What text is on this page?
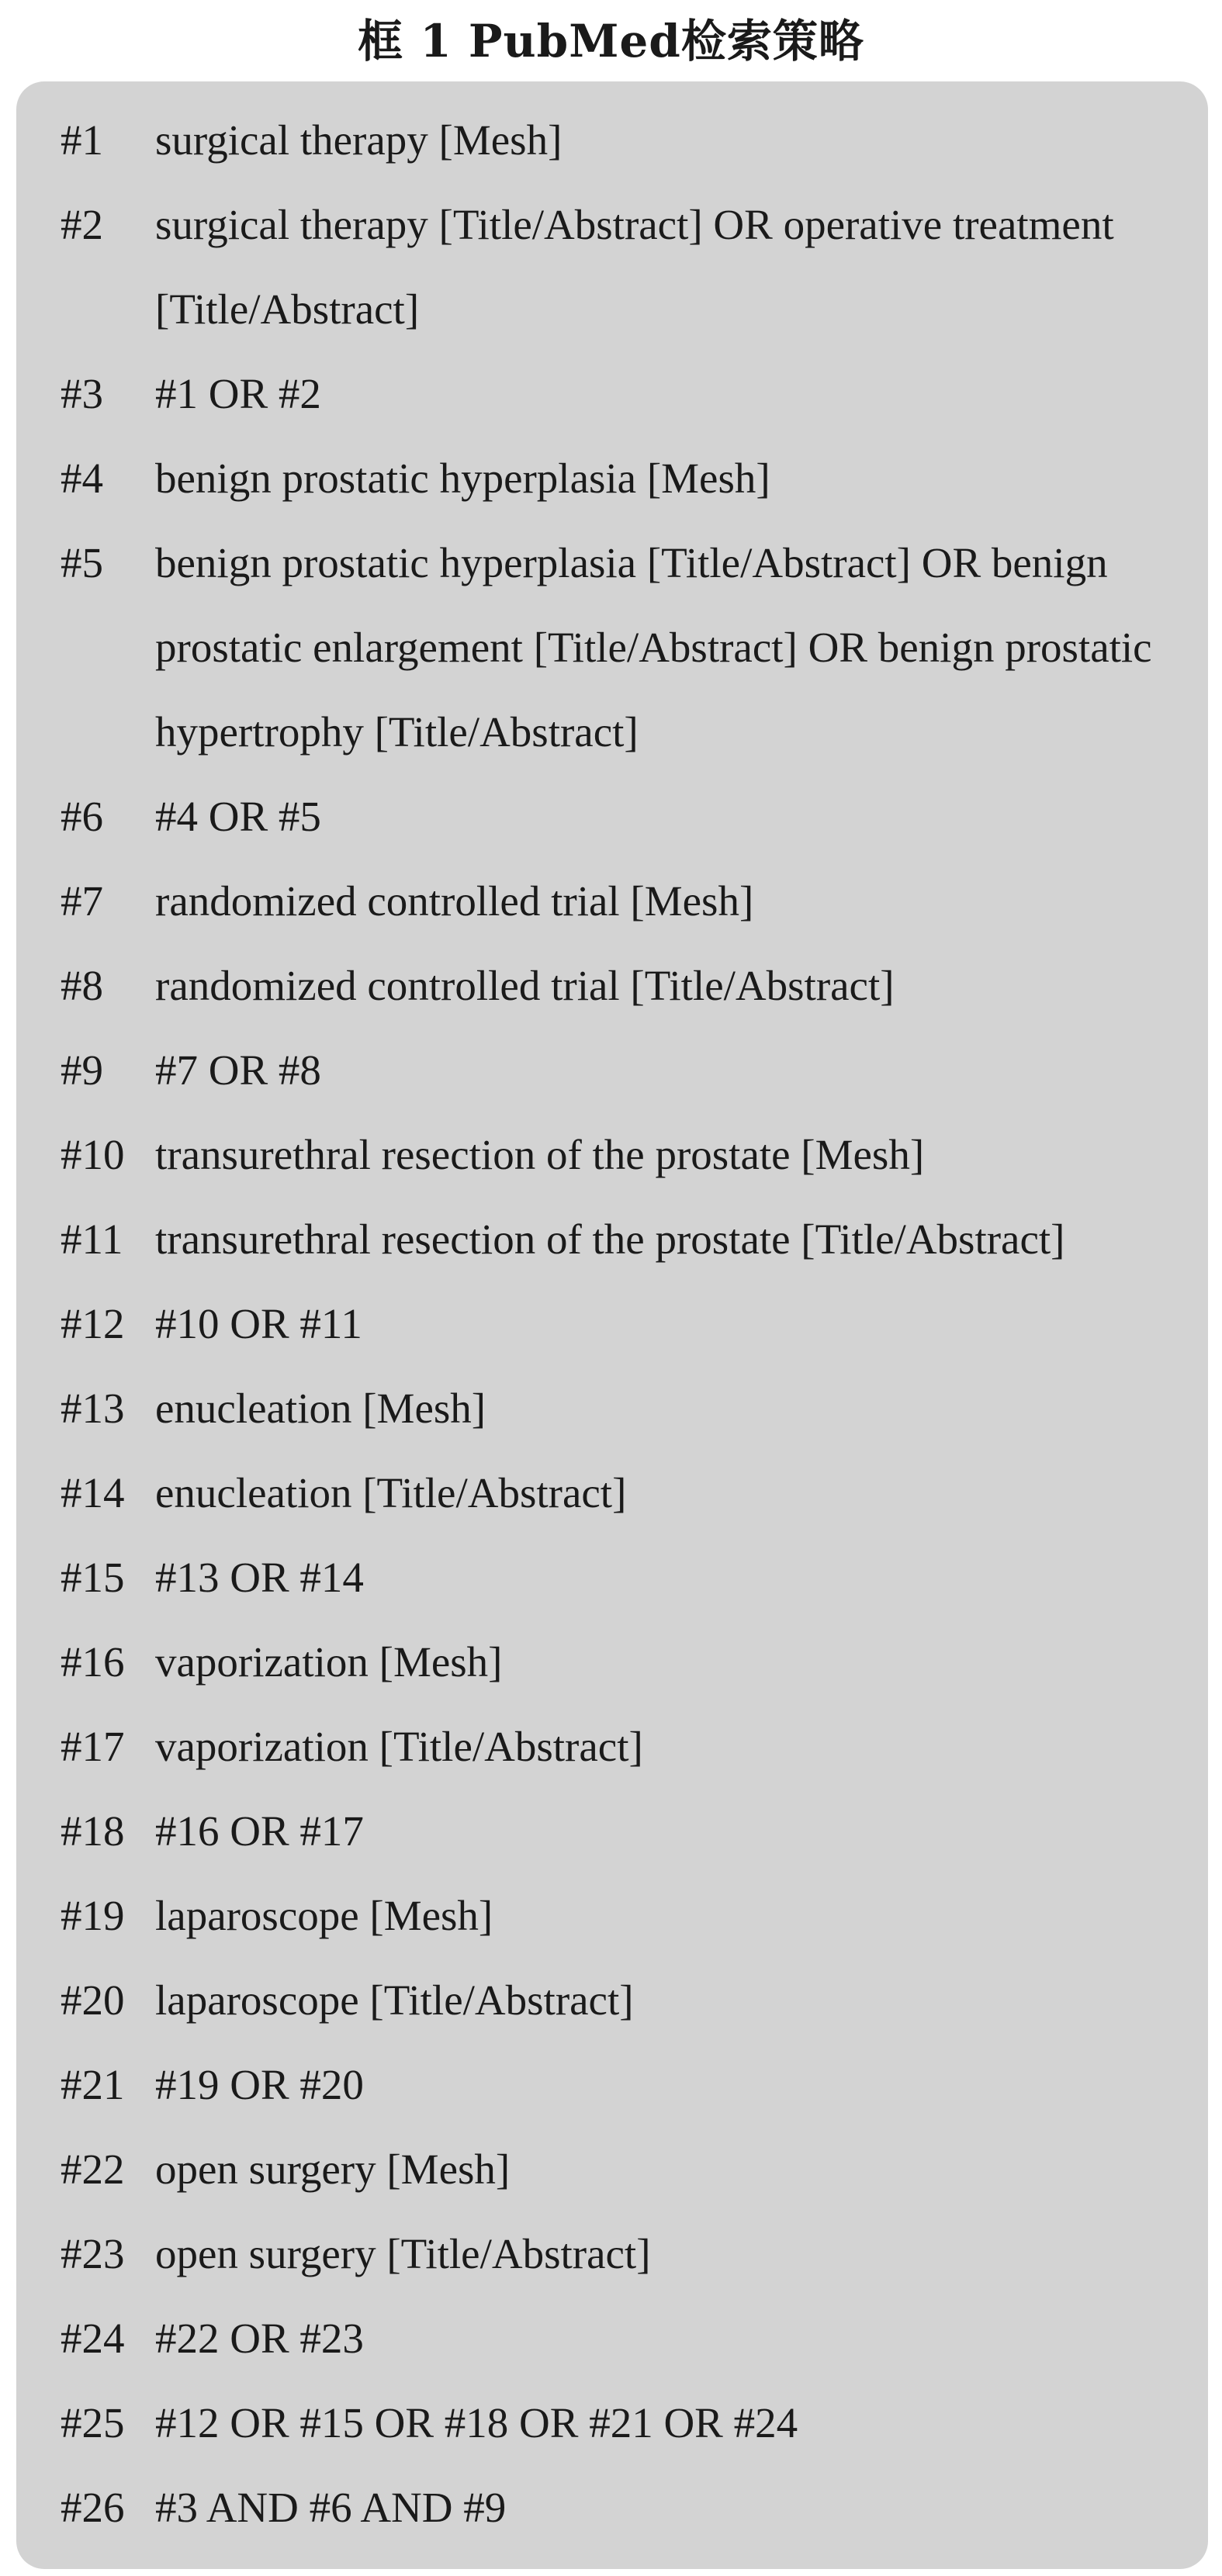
框 1 PubMed检索策略
#1	surgical therapy [Mesh]
#2	surgical therapy [Title/Abstract] OR operative treatment [Title/Abstract]
#3	#1 OR #2
#4	benign prostatic hyperplasia [Mesh]
#5	benign prostatic hyperplasia [Title/Abstract] OR benign prostatic enlargement [Title/Abstract] OR benign prostatic hypertrophy [Title/Abstract]
#6	#4 OR #5
#7	randomized controlled trial [Mesh]
#8	randomized controlled trial [Title/Abstract]
#9	#7 OR #8
#10 transurethral resection of the prostate [Mesh]
#11 transurethral resection of the prostate [Title/Abstract]
#12 #10 OR #11
#13 enucleation [Mesh]
#14 enucleation [Title/Abstract]
#15 #13 OR #14
#16 vaporization [Mesh]
#17 vaporization [Title/Abstract]
#18 #16 OR #17
#19 laparoscope [Mesh]
#20 laparoscope [Title/Abstract]
#21 #19 OR #20
#22 open surgery [Mesh]
#23 open surgery [Title/Abstract]
#24 #22 OR #23
#25 #12 OR #15 OR #18 OR #21 OR #24
#26 #3 AND #6 AND #9
